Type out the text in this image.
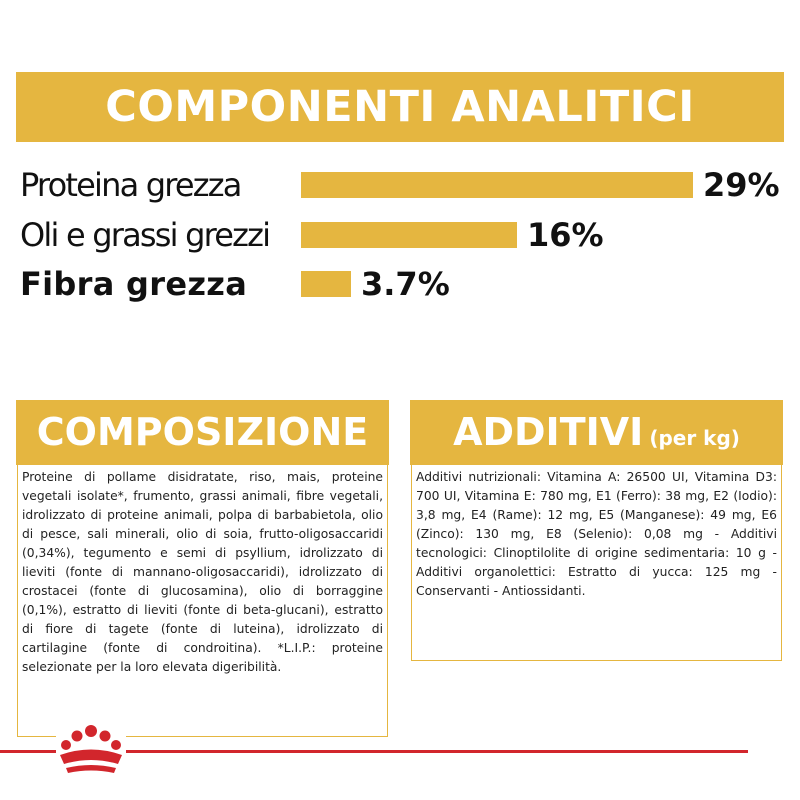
COMPONENTI ANALITICI
Proteina grezza	29%
Oli e grassi grezzi	16%
Fibra grezza	3.7%
COMPOSIZIONE
Proteine di pollame disidratate, riso, mais, proteine vegetali isolate*, frumento, grassi animali, fibre vegetali, idrolizzato di proteine animali, polpa di barbabietola, olio di pesce, sali minerali, olio di soia, frutto-oligosaccaridi (0,34%), tegumento e semi di psyllium, idrolizzato di lieviti (fonte di mannano-oligosaccaridi), idrolizzato di crostacei (fonte di glucosamina), olio di borraggine (0,1%), estratto di lieviti (fonte di beta-glucani), estratto di fiore di tagete (fonte di luteina), idrolizzato di cartilagine (fonte di condroitina). *L.I.P.: proteine selezionate per la loro elevata digeribilità.
ADDITIVI (per kg)
Additivi nutrizionali: Vitamina A: 26500 UI, Vitamina D3: 700 UI, Vitamina E: 780 mg, E1 (Ferro): 38 mg, E2 (Iodio): 3,8 mg, E4 (Rame): 12 mg, E5 (Manganese): 49 mg, E6 (Zinco): 130 mg, E8 (Selenio): 0,08 mg - Additivi tecnologici: Clinoptilolite di origine sedimentaria: 10 g - Additivi organolettici: Estratto di yucca: 125 mg - Conservanti - Antiossidanti.
